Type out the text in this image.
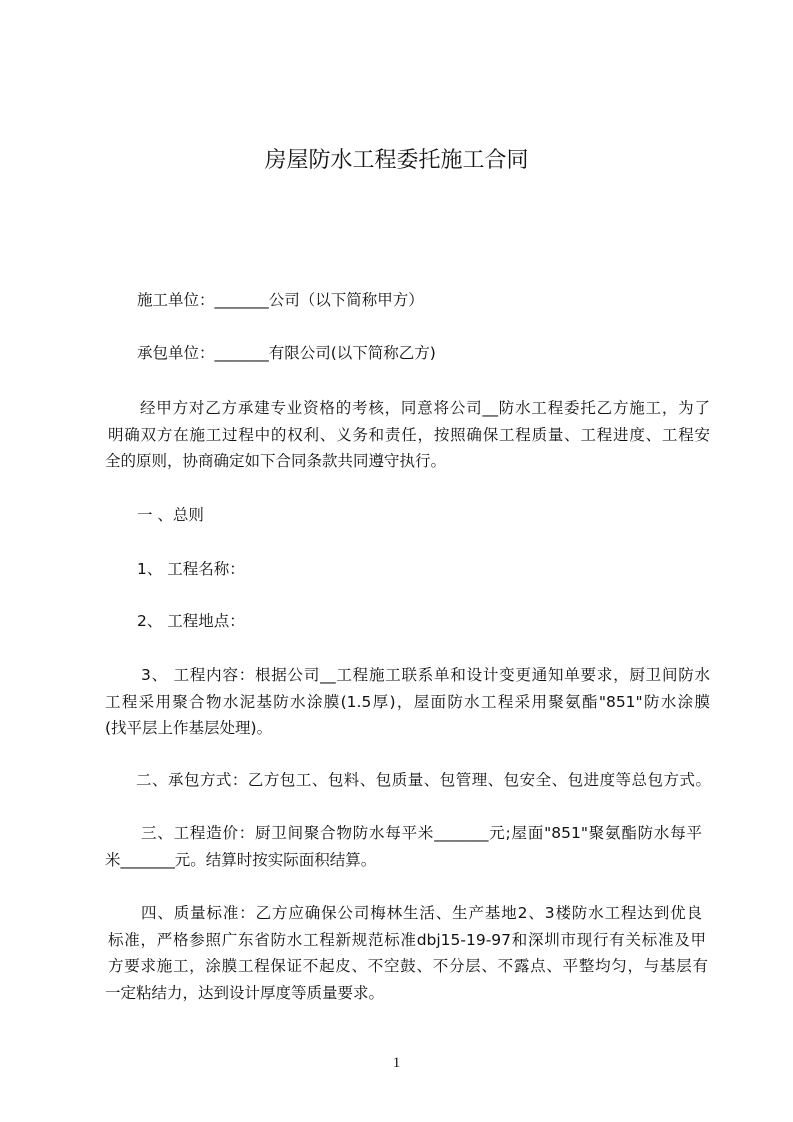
房屋防水工程委托施工合同
施工单位：_______公司（以下简称甲方）
承包单位：_______有限公司(以下简称乙方)
经甲方对乙方承建专业资格的考核，同意将公司__防水工程委托乙方施工，为了
明确双方在施工过程中的权利、义务和责任，按照确保工程质量、工程进度、工程安
全的原则，协商确定如下合同条款共同遵守执行。
一 、总则
1、 工程名称：
2、 工程地点：
3、 工程内容：根据公司__工程施工联系单和设计变更通知单要求，厨卫间防水
工程采用聚合物水泥基防水涂膜(1.5厚)，屋面防水工程采用聚氨酯"851"防水涂膜
(找平层上作基层处理)。
二、承包方式：乙方包工、包料、包质量、包管理、包安全、包进度等总包方式。
三、工程造价：厨卫间聚合物防水每平米_______元;屋面"851"聚氨酯防水每平
米_______元。结算时按实际面积结算。
四、质量标准：乙方应确保公司梅林生活、生产基地2、3楼防水工程达到优良
标准，严格参照广东省防水工程新规范标准dbj15-19-97和深圳市现行有关标准及甲
方要求施工，涂膜工程保证不起皮、不空鼓、不分层、不露点、平整均匀，与基层有
一定粘结力，达到设计厚度等质量要求。
1
